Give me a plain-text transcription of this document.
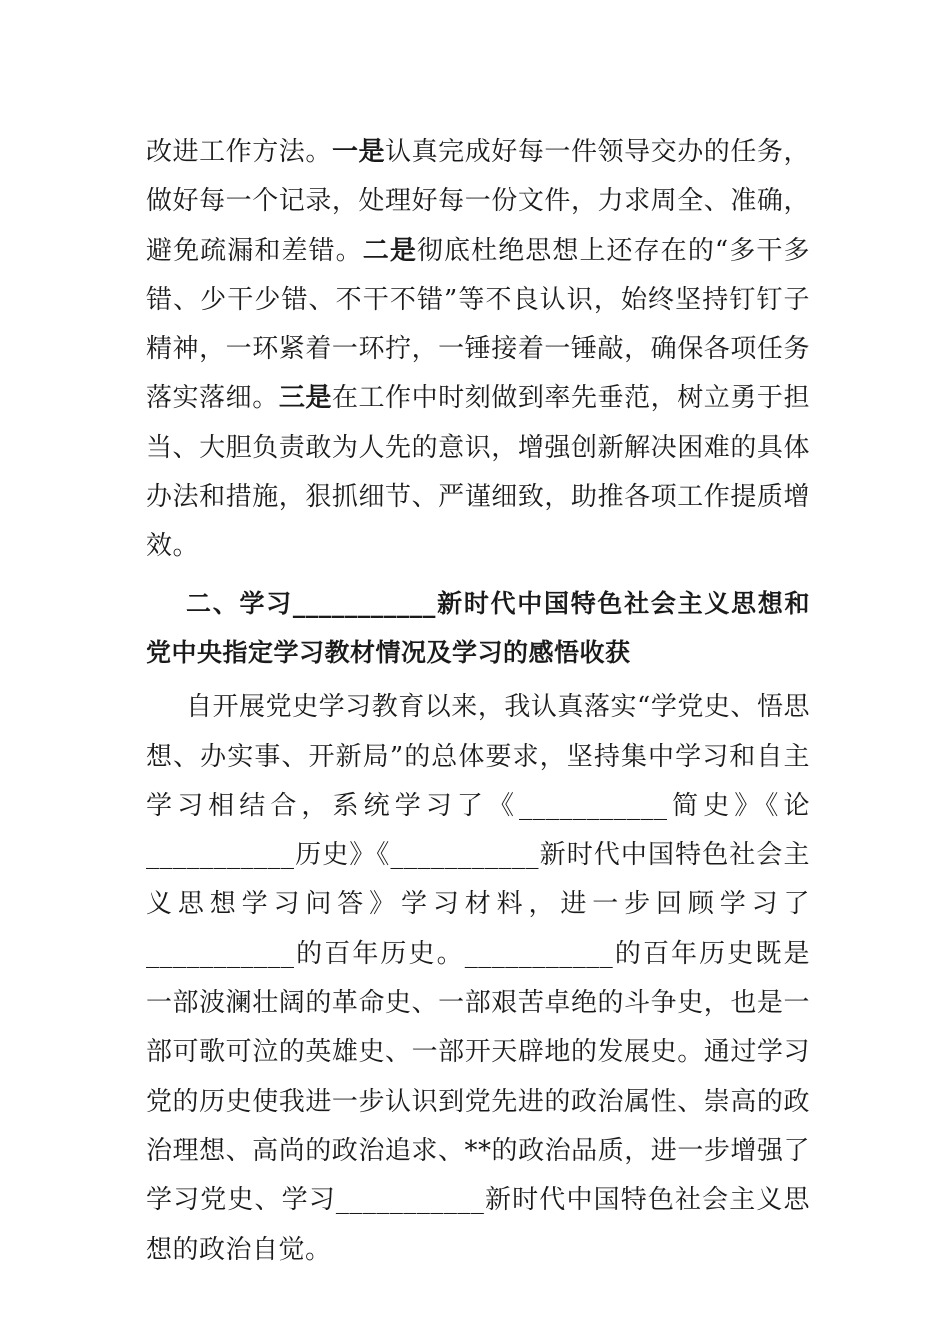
改进工作方法。一是认真完成好每一件领导交办的任务，做好每一个记录，处理好每一份文件，力求周全、准确，避免疏漏和差错。二是彻底杜绝思想上还存在的“多干多错、少干少错、不干不错”等不良认识，始终坚持钉钉子精神，一环紧着一环拧，一锤接着一锤敲，确保各项任务落实落细。三是在工作中时刻做到率先垂范，树立勇于担当、大胆负责敢为人先的意识，增强创新解决困难的具体办法和措施，狠抓细节、严谨细致，助推各项工作提质增效。

二、学习___________新时代中国特色社会主义思想和党中央指定学习教材情况及学习的感悟收获

自开展党史学习教育以来，我认真落实“学党史、悟思想、办实事、开新局”的总体要求，坚持集中学习和自主学习相结合，系统学习了《___________简史》《论___________历史》《___________新时代中国特色社会主义思想学习问答》学习材料，进一步回顾学习了___________的百年历史。___________的百年历史既是一部波澜壮阔的革命史、一部艰苦卓绝的斗争史，也是一部可歌可泣的英雄史、一部开天辟地的发展史。通过学习党的历史使我进一步认识到党先进的政治属性、崇高的政治理想、高尚的政治追求、**的政治品质，进一步增强了学习党史、学习___________新时代中国特色社会主义思想的政治自觉。
